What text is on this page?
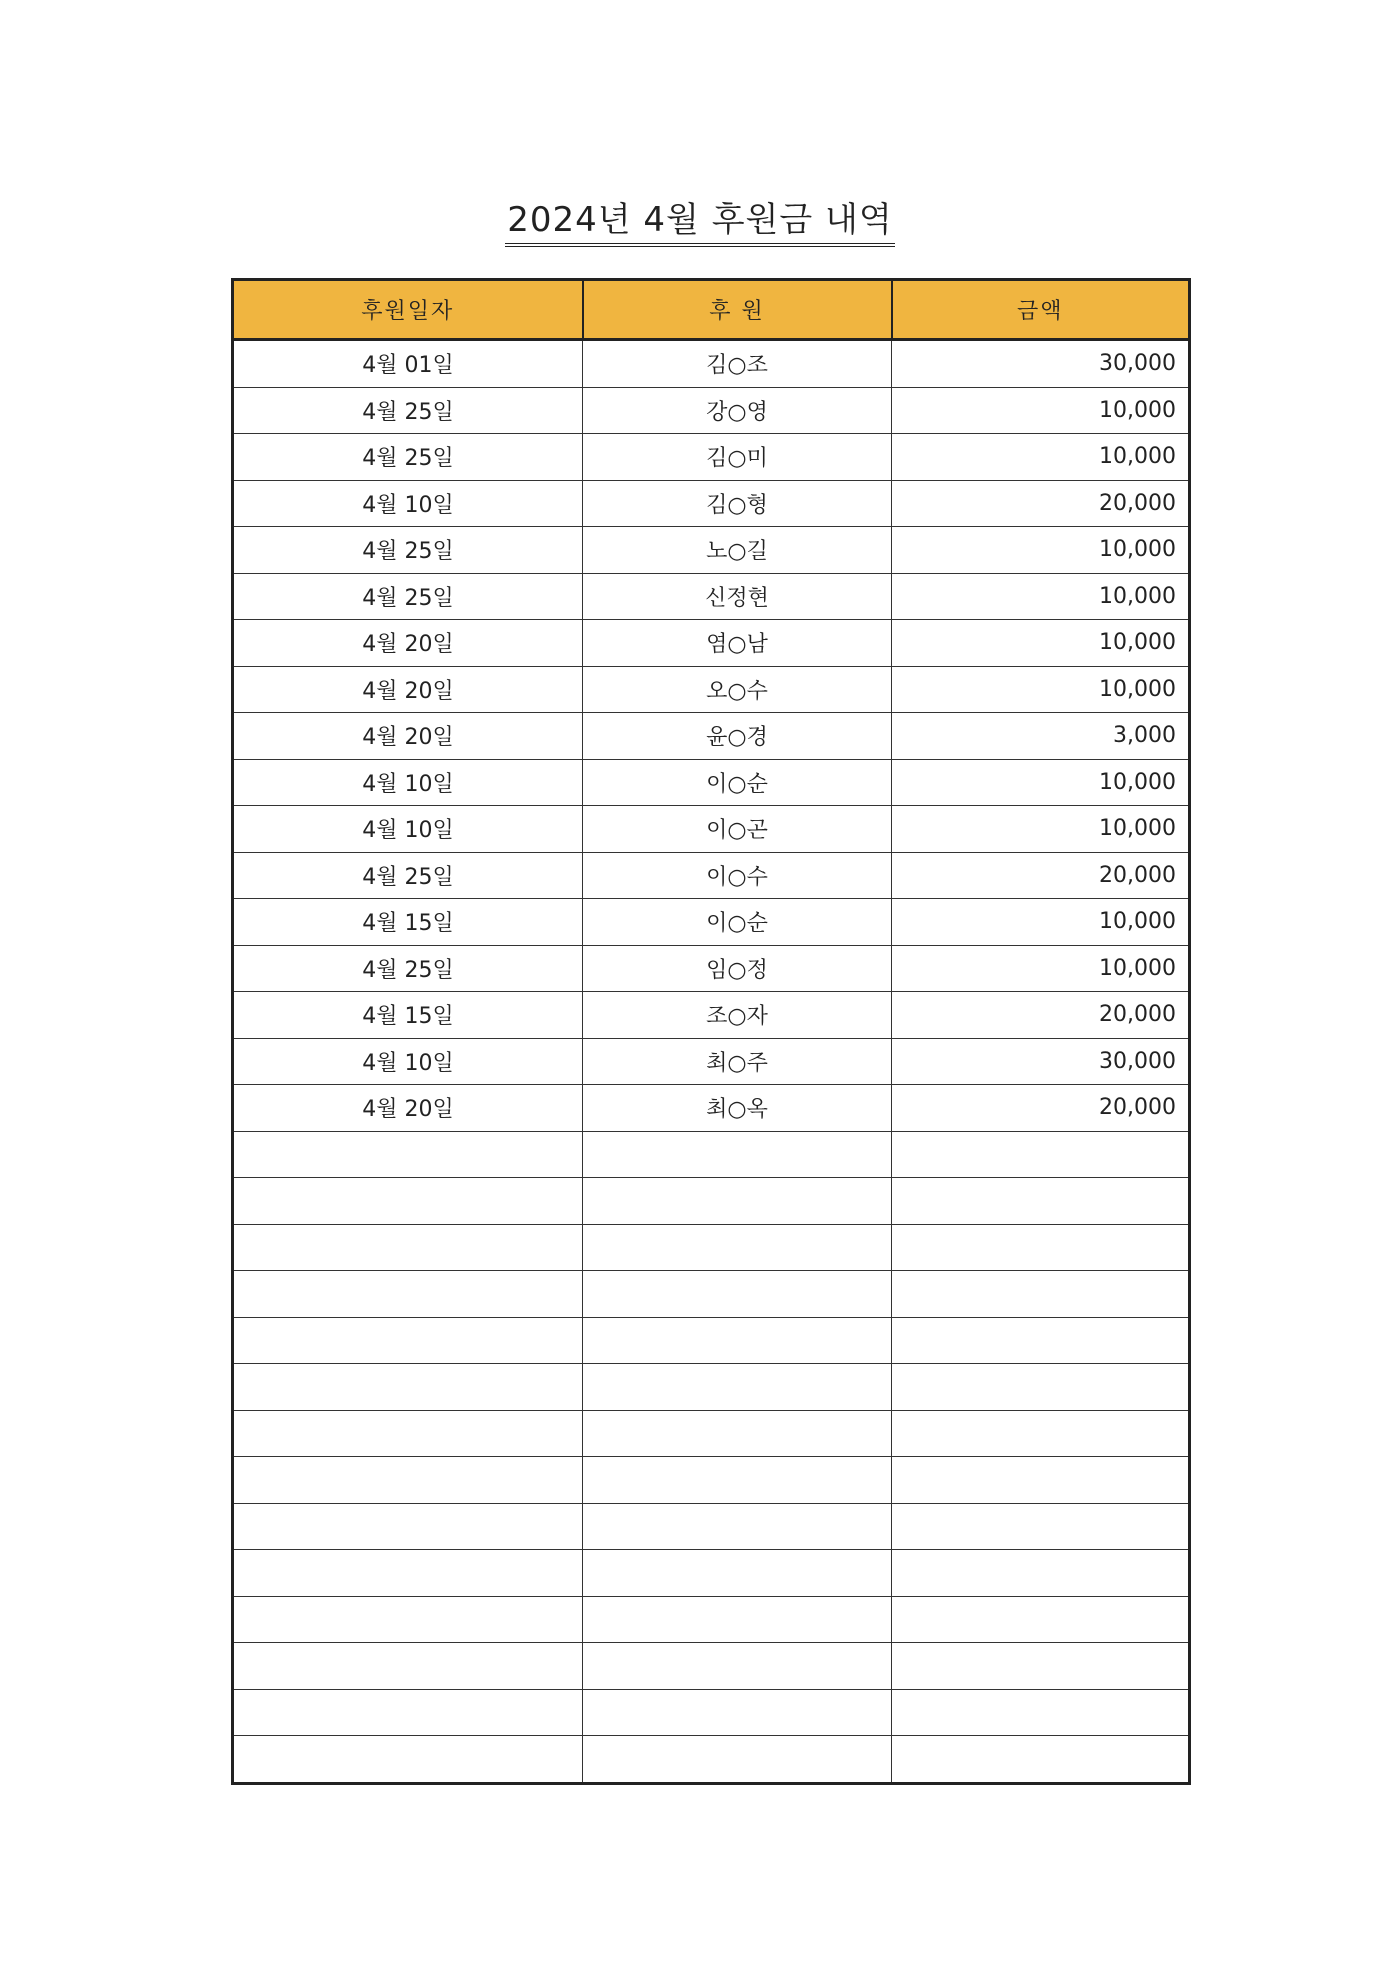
2024년 4월 후원금 내역
후원일자	후 원	금액
4월 01일	김○조	30,000
4월 25일	강○영	10,000
4월 25일	김○미	10,000
4월 10일	김○형	20,000
4월 25일	노○길	10,000
4월 25일	신정현	10,000
4월 20일	염○남	10,000
4월 20일	오○수	10,000
4월 20일	윤○경	3,000
4월 10일	이○순	10,000
4월 10일	이○곤	10,000
4월 25일	이○수	20,000
4월 15일	이○순	10,000
4월 25일	임○정	10,000
4월 15일	조○자	20,000
4월 10일	최○주	30,000
4월 20일	최○옥	20,000
